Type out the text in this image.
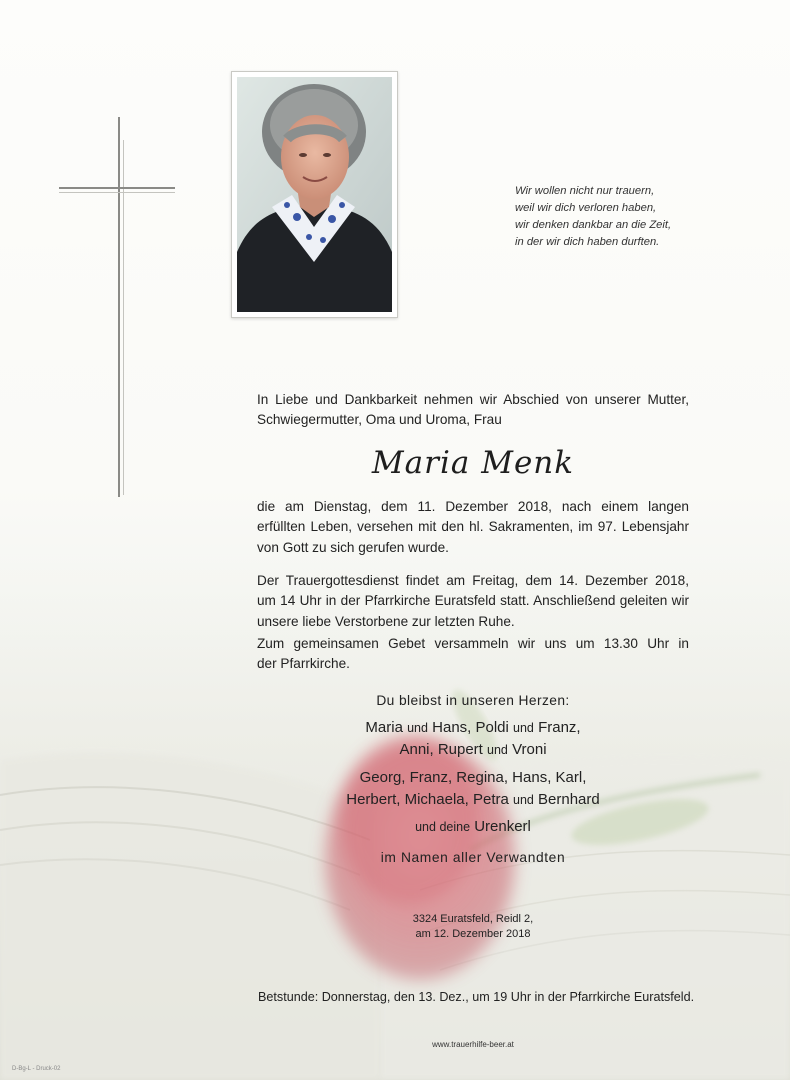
Wir wollen nicht nur trauern,
weil wir dich verloren haben,
wir denken dankbar an die Zeit,
in der wir dich haben durften.
In Liebe und Dankbarkeit nehmen wir Abschied von unserer Mutter,
Schwiegermutter, Oma und Uroma, Frau
Maria Menk
die am Dienstag, dem 11. Dezember 2018, nach einem langen
erfüllten Leben, versehen mit den hl. Sakramenten, im 97. Lebensjahr
von Gott zu sich gerufen wurde.
Der Trauergottesdienst findet am Freitag, dem 14. Dezember 2018,
um 14 Uhr in der Pfarrkirche Euratsfeld statt. Anschließend geleiten wir
unsere liebe Verstorbene zur letzten Ruhe.
Zum gemeinsamen Gebet versammeln wir uns um 13.30 Uhr in
der Pfarrkirche.
Du bleibst in unseren Herzen:
Maria und Hans, Poldi und Franz,
Anni, Rupert und Vroni
Georg, Franz, Regina, Hans, Karl,
Herbert, Michaela, Petra und Bernhard
und deine Urenkerl
im Namen aller Verwandten
3324 Euratsfeld, Reidl 2,
am 12. Dezember 2018
Betstunde: Donnerstag, den 13. Dez., um 19 Uhr in der Pfarrkirche Euratsfeld.
www.trauerhilfe-beer.at
D-Bg-L - Druck-02
